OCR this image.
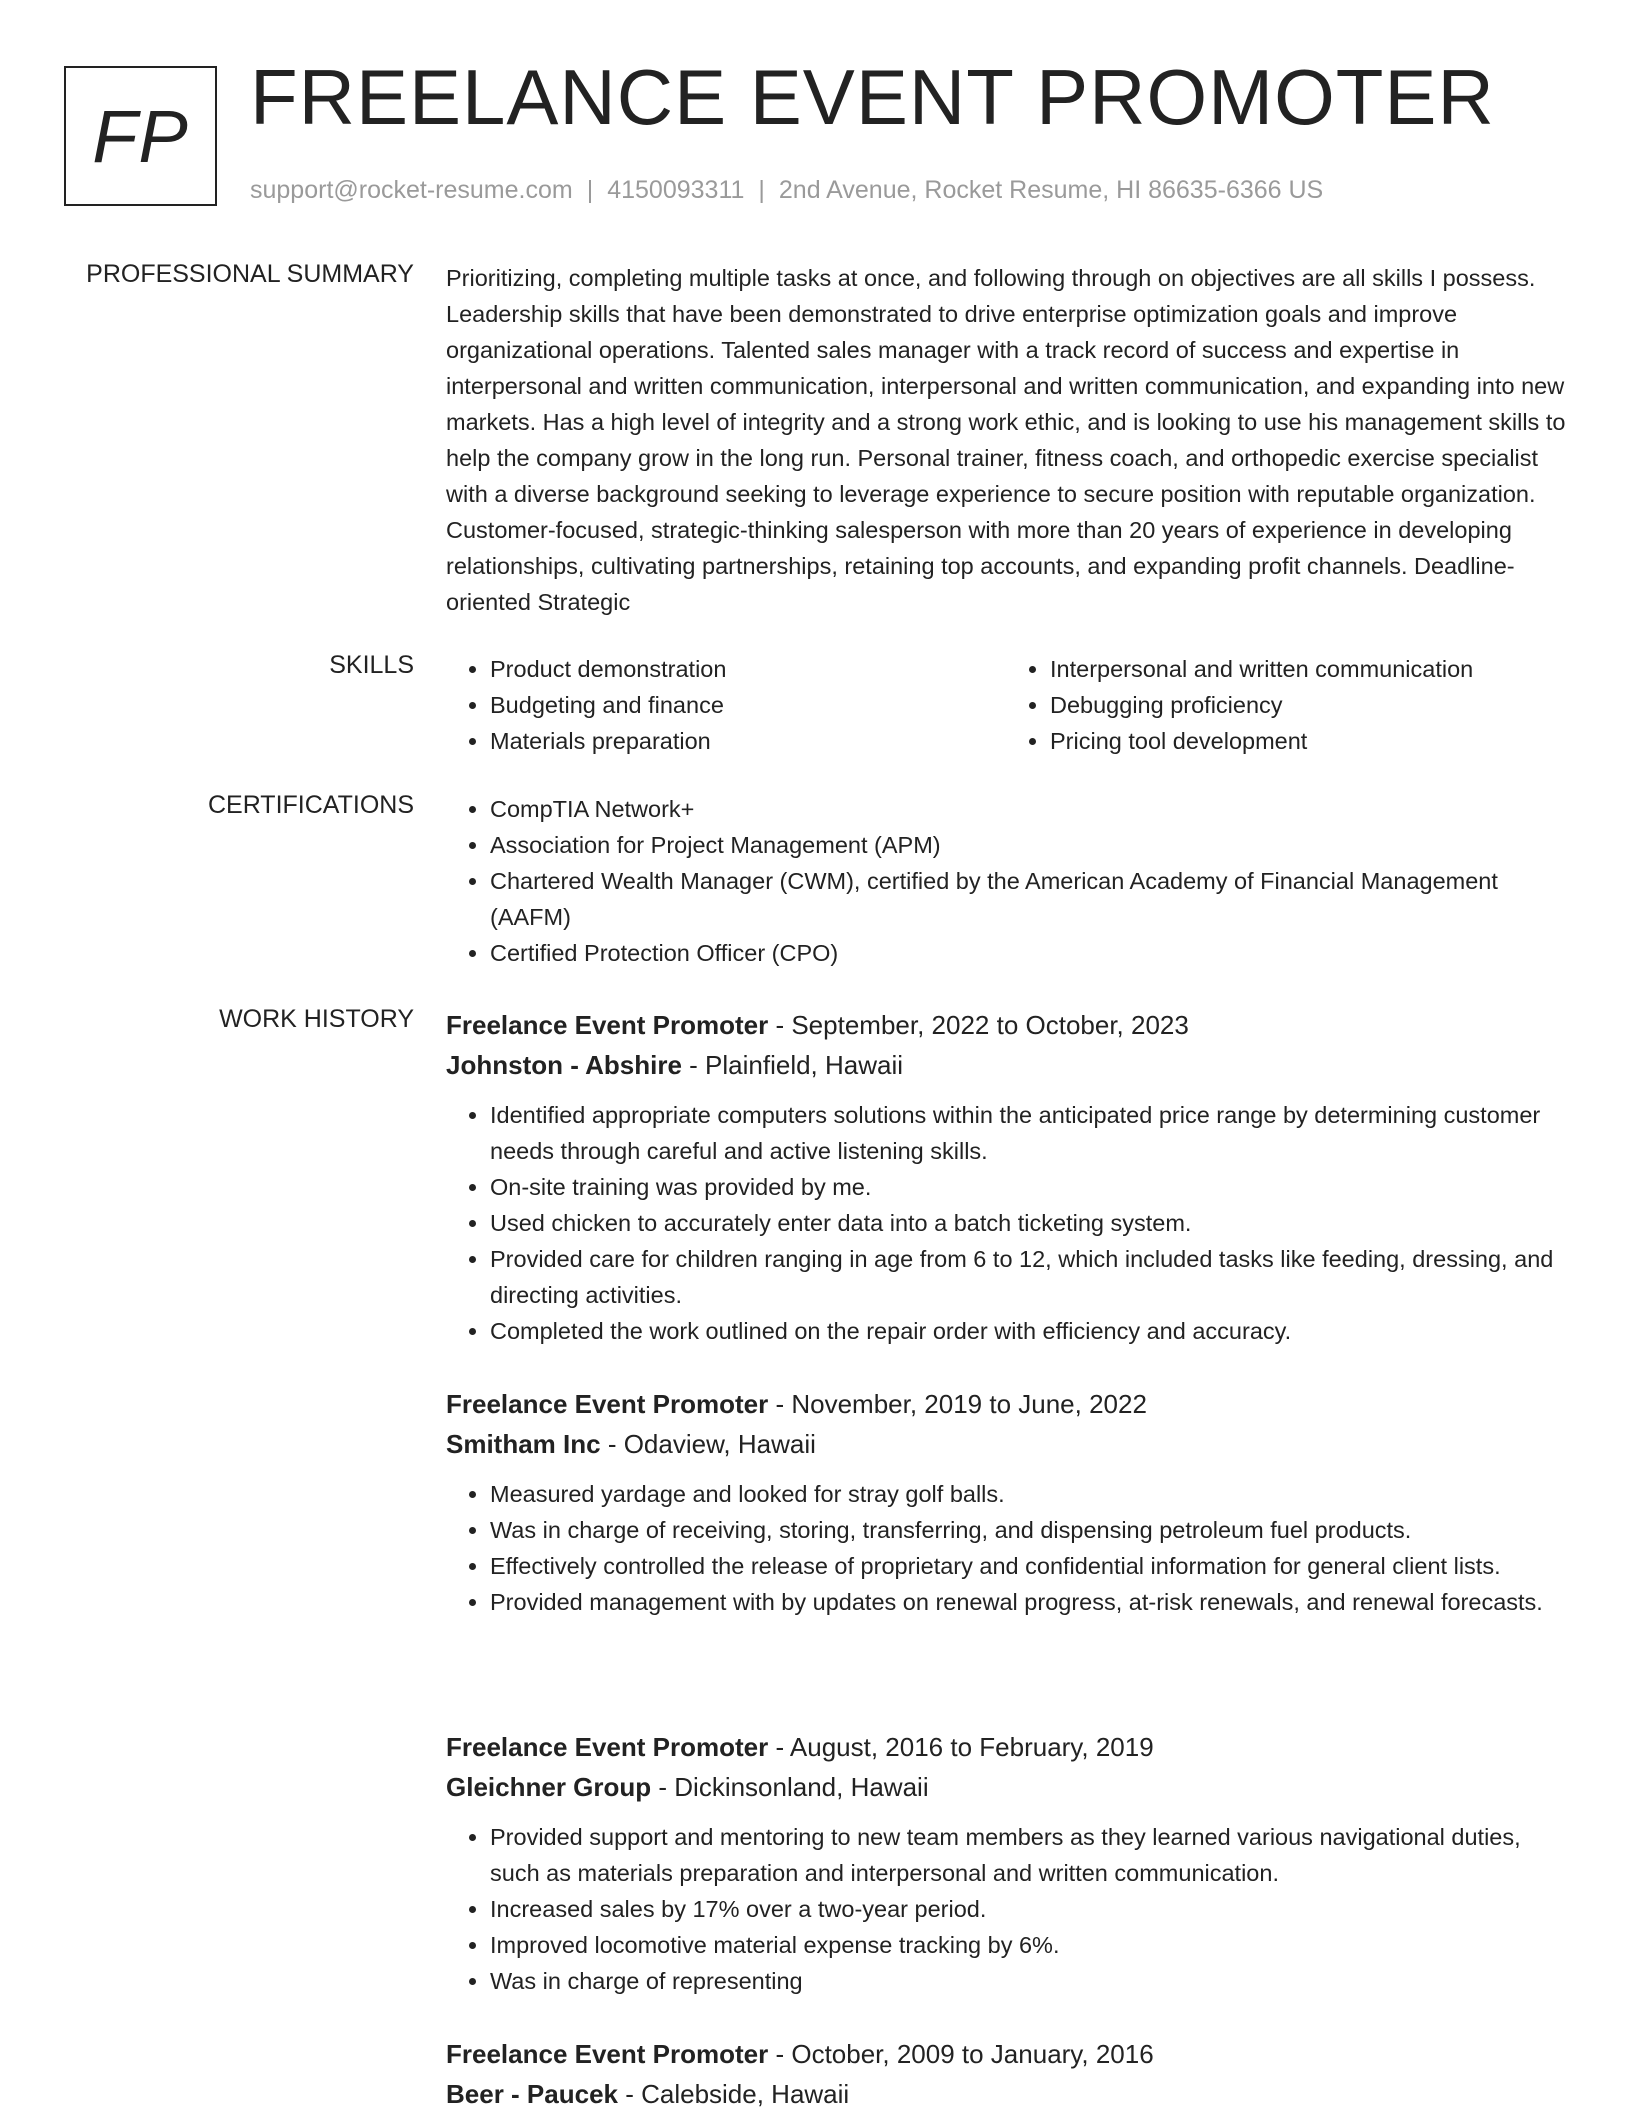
FP FREELANCE EVENT PROMOTER
support@rocket-resume.com | 4150093311 | 2nd Avenue, Rocket Resume, HI 86635-6366 US
PROFESSIONAL SUMMARY Prioritizing, completing multiple tasks at once, and following through on objectives are all skills I possess. Leadership skills that have been demonstrated to drive enterprise optimization goals and improve organizational operations. Talented sales manager with a track record of success and expertise in interpersonal and written communication, interpersonal and written communication, and expanding into new markets. Has a high level of integrity and a strong work ethic, and is looking to use his management skills to help the company grow in the long run. Personal trainer, fitness coach, and orthopedic exercise specialist with a diverse background seeking to leverage experience to secure position with reputable organization. Customer-focused, strategic-thinking salesperson with more than 20 years of experience in developing relationships, cultivating partnerships, retaining top accounts, and expanding profit channels. Deadline-oriented Strategic
SKILLS	• Product demonstration
• Budgeting and finance
• Materials preparation
• Interpersonal and written communication
• Debugging proficiency
• Pricing tool development
CERTIFICATIONS	• CompTIA Network+
• Association for Project Management (APM)
• Chartered Wealth Manager (CWM), certified by the American Academy of Financial Management (AAFM)
• Certified Protection Officer (CPO)
WORK HISTORY Freelance Event Promoter - September, 2022 to October, 2023
Johnston - Abshire - Plainfield, Hawaii
• Identified appropriate computers solutions within the anticipated price range by determining customer needs through careful and active listening skills.
• On-site training was provided by me.
• Used chicken to accurately enter data into a batch ticketing system.
• Provided care for children ranging in age from 6 to 12, which included tasks like feeding, dressing, and directing activities.
• Completed the work outlined on the repair order with efficiency and accuracy.
Freelance Event Promoter - November, 2019 to June, 2022
Smitham Inc - Odaview, Hawaii
• Measured yardage and looked for stray golf balls.
• Was in charge of receiving, storing, transferring, and dispensing petroleum fuel products.
• Effectively controlled the release of proprietary and confidential information for general client lists.
• Provided management with by updates on renewal progress, at-risk renewals, and renewal forecasts.
Freelance Event Promoter - August, 2016 to February, 2019
Gleichner Group - Dickinsonland, Hawaii
• Provided support and mentoring to new team members as they learned various navigational duties, such as materials preparation and interpersonal and written communication.
• Increased sales by 17% over a two-year period.
• Improved locomotive material expense tracking by 6%.
• Was in charge of representing
Freelance Event Promoter - October, 2009 to January, 2016
Beer - Paucek - Calebside, Hawaii
